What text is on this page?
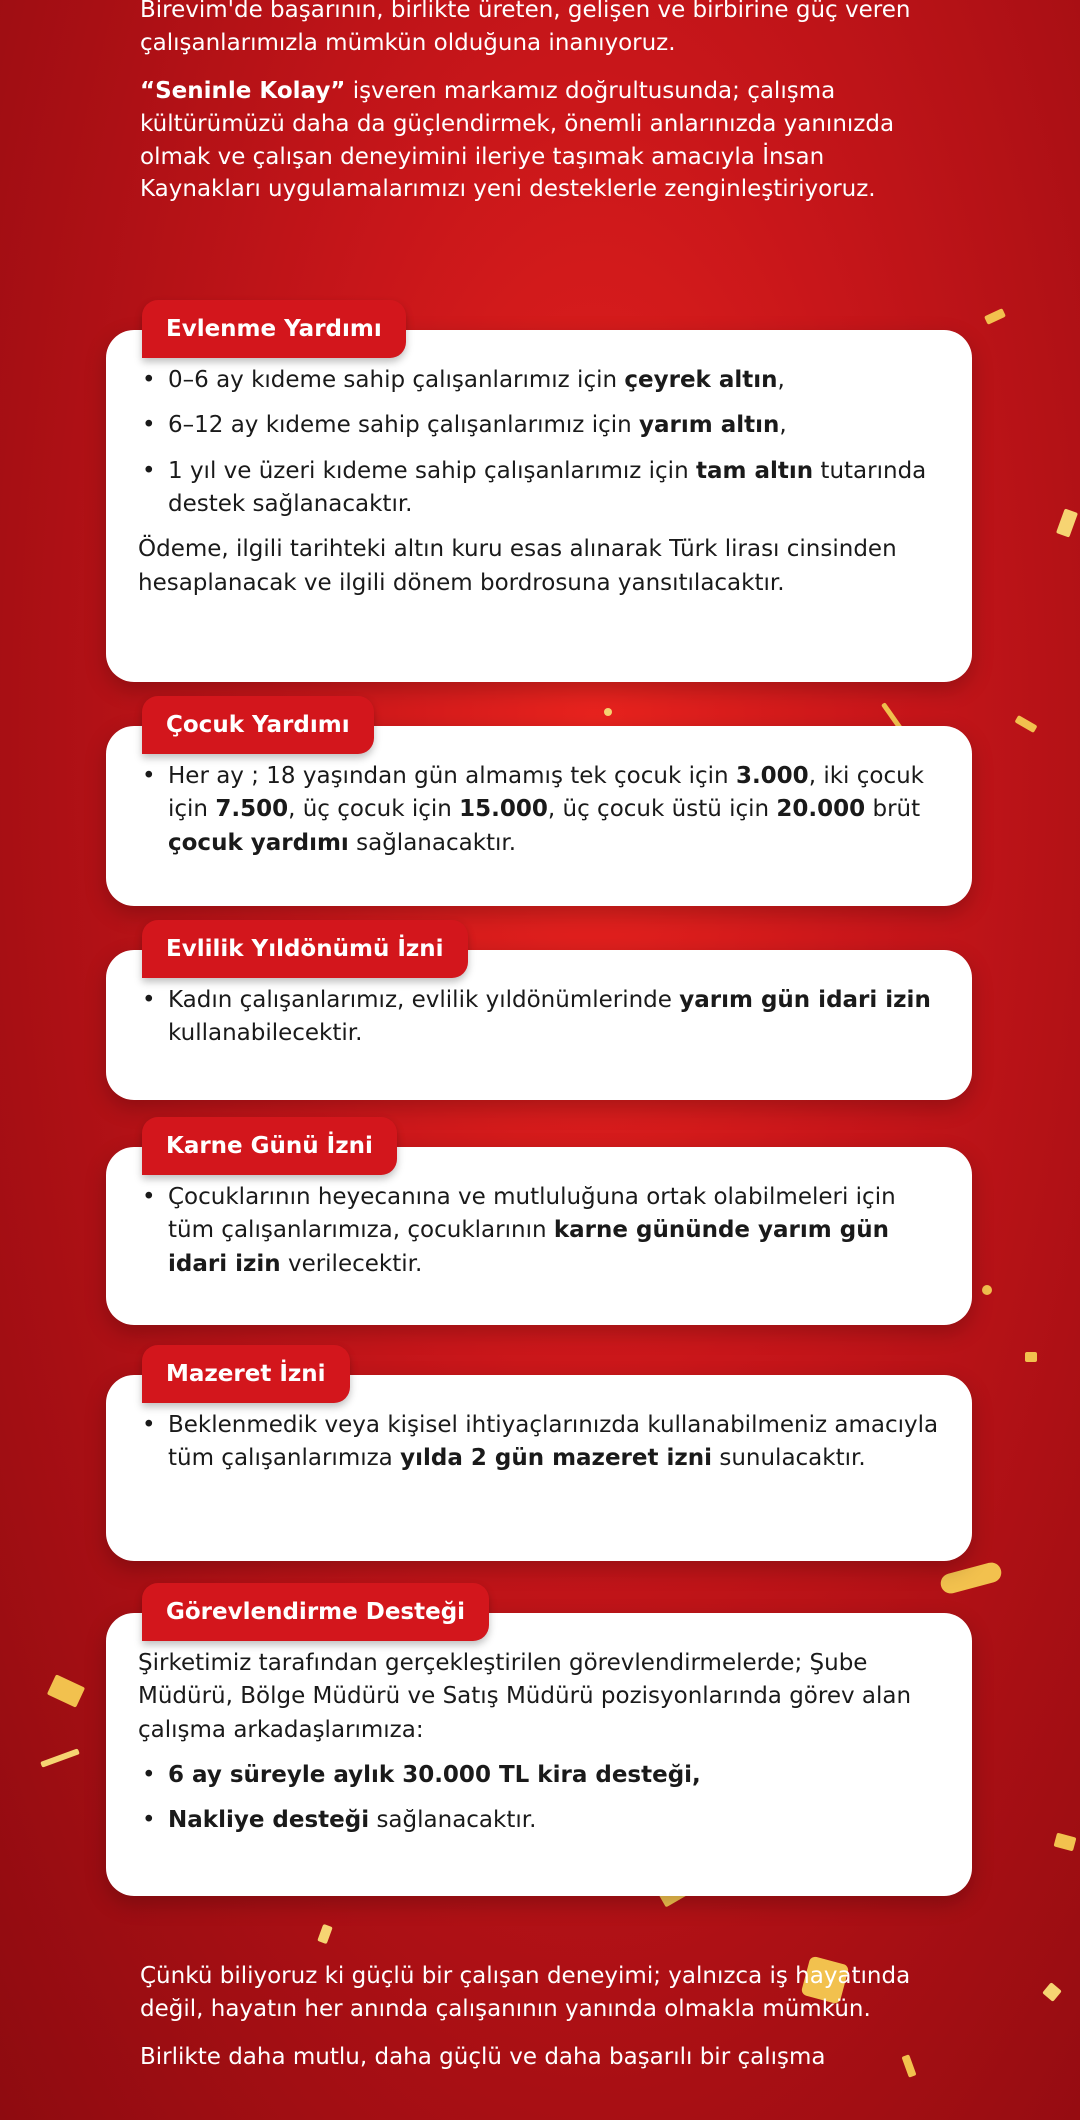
Birevim'de başarının, birlikte üreten, gelişen ve birbirine güç veren çalışanlarımızla mümkün olduğuna inanıyoruz.

“Seninle Kolay” işveren markamız doğrultusunda; çalışma kültürümüzü daha da güçlendirmek, önemli anlarınızda yanınızda olmak ve çalışan deneyimini ileriye taşımak amacıyla İnsan Kaynakları uygulamalarımızı yeni desteklerle zenginleştiriyoruz.

Evlenme Yardımı
• 0–6 ay kıdeme sahip çalışanlarımız için çeyrek altın,
• 6–12 ay kıdeme sahip çalışanlarımız için yarım altın,
• 1 yıl ve üzeri kıdeme sahip çalışanlarımız için tam altın tutarında destek sağlanacaktır.

Ödeme, ilgili tarihteki altın kuru esas alınarak Türk lirası cinsinden hesaplanacak ve ilgili dönem bordrosuna yansıtılacaktır.

Çocuk Yardımı
• Her ay ; 18 yaşından gün almamış tek çocuk için 3.000, iki çocuk için 7.500, üç çocuk için 15.000, üç çocuk üstü için 20.000 brüt çocuk yardımı sağlanacaktır.
Evlilik Yıldönümü İzni
• Kadın çalışanlarımız, evlilik yıldönümlerinde yarım gün idari izin kullanabilecektir.
Karne Günü İzni
• Çocuklarının heyecanına ve mutluluğuna ortak olabilmeleri için tüm çalışanlarımıza, çocuklarının karne gününde yarım gün idari izin verilecektir.
Mazeret İzni
• Beklenmedik veya kişisel ihtiyaçlarınızda kullanabilmeniz amacıyla tüm çalışanlarımıza yıldа 2 gün mazeret izni sunulacaktır.
Görevlendirme Desteği

Şirketimiz tarafından gerçekleştirilen görevlendirmelerde; Şube Müdürü, Bölge Müdürü ve Satış Müdürü pozisyonlarında görev alan çalışma arkadaşlarımıza:

• 6 ay süreyle aylık 30.000 TL kira desteği,
• Nakliye desteği sağlanacaktır.

Çünkü biliyoruz ki güçlü bir çalışan deneyimi; yalnızca iş hayatında değil, hayatın her anında çalışanının yanında olmakla mümkün.

Birlikte daha mutlu, daha güçlü ve daha başarılı bir çalışma
